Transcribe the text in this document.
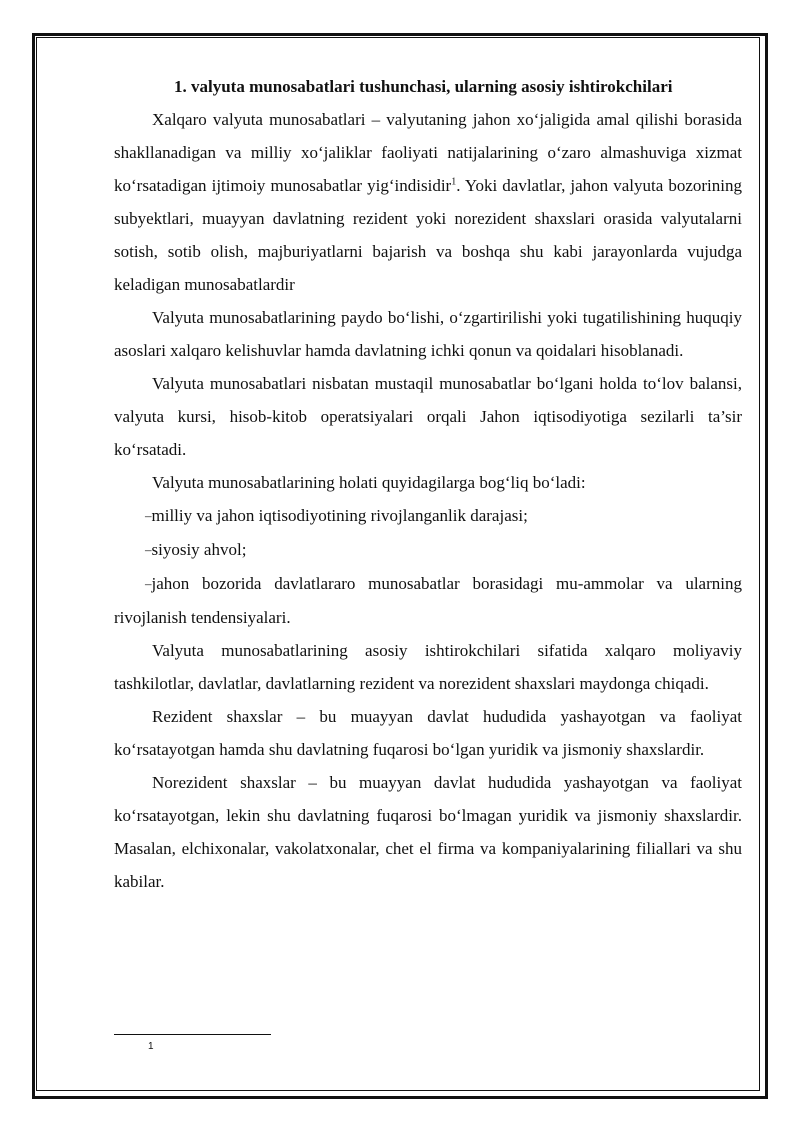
1. valyuta munosabatlari tushunchasi, ularning asosiy ishtirokchilari

Xalqaro valyuta munosabatlari – valyutaning jahon xo‘jaligida amal qilishi borasida shakllanadigan va milliy xo‘jaliklar faoliyati natijalarining o‘zaro almashuviga xizmat ko‘rsatadigan ijtimoiy munosabatlar yig‘indisidir$^1$. Yoki davlatlar, jahon valyuta bozorining subyektlari, muayyan davlatning rezident yoki norezident shaxslari orasida valyutalarni sotish, sotib olish, majburiyatlarni bajarish va boshqa shu kabi jarayonlarda vujudga keladigan munosabatlardir

Valyuta munosabatlarining paydo bo‘lishi, o‘zgartirilishi yoki tugatilishining huquqiy asoslari xalqaro kelishuvlar hamda davlatning ichki qonun va qoidalari hisoblanadi.

Valyuta munosabatlari nisbatan mustaqil munosabatlar bo‘lgani holda to‘lov balansi, valyuta kursi, hisob-kitob operatsiyalari orqali Jahon iqtisodiyotiga sezilarli ta’sir ko‘rsatadi.

Valyuta munosabatlarining holati quyidagilarga bog‘liq bo‘ladi:

–milliy va jahon iqtisodiyotining rivojlanganlik darajasi;
–siyosiy ahvol;
–jahon bozorida davlatlararo munosabatlar borasidagi mu-ammolar va ularning rivojlanish tendensiyalari.

Valyuta munosabatlarining asosiy ishtirokchilari sifatida xalqaro moliyaviy tashkilotlar, davlatlar, davlatlarning rezident va norezident shaxslari maydonga chiqadi.

Rezident shaxslar – bu muayyan davlat hududida yashayotgan va faoliyat ko‘rsatayotgan hamda shu davlatning fuqarosi bo‘lgan yuridik va jismoniy shaxslardir.

Norezident shaxslar – bu muayyan davlat hududida yashayotgan va faoliyat ko‘rsatayotgan, lekin shu davlatning fuqarosi bo‘lmagan yuridik va jismoniy shaxslardir. Masalan, elchixonalar, vakolatxonalar, chet el firma va kompaniyalarining filiallari va shu kabilar.

1
